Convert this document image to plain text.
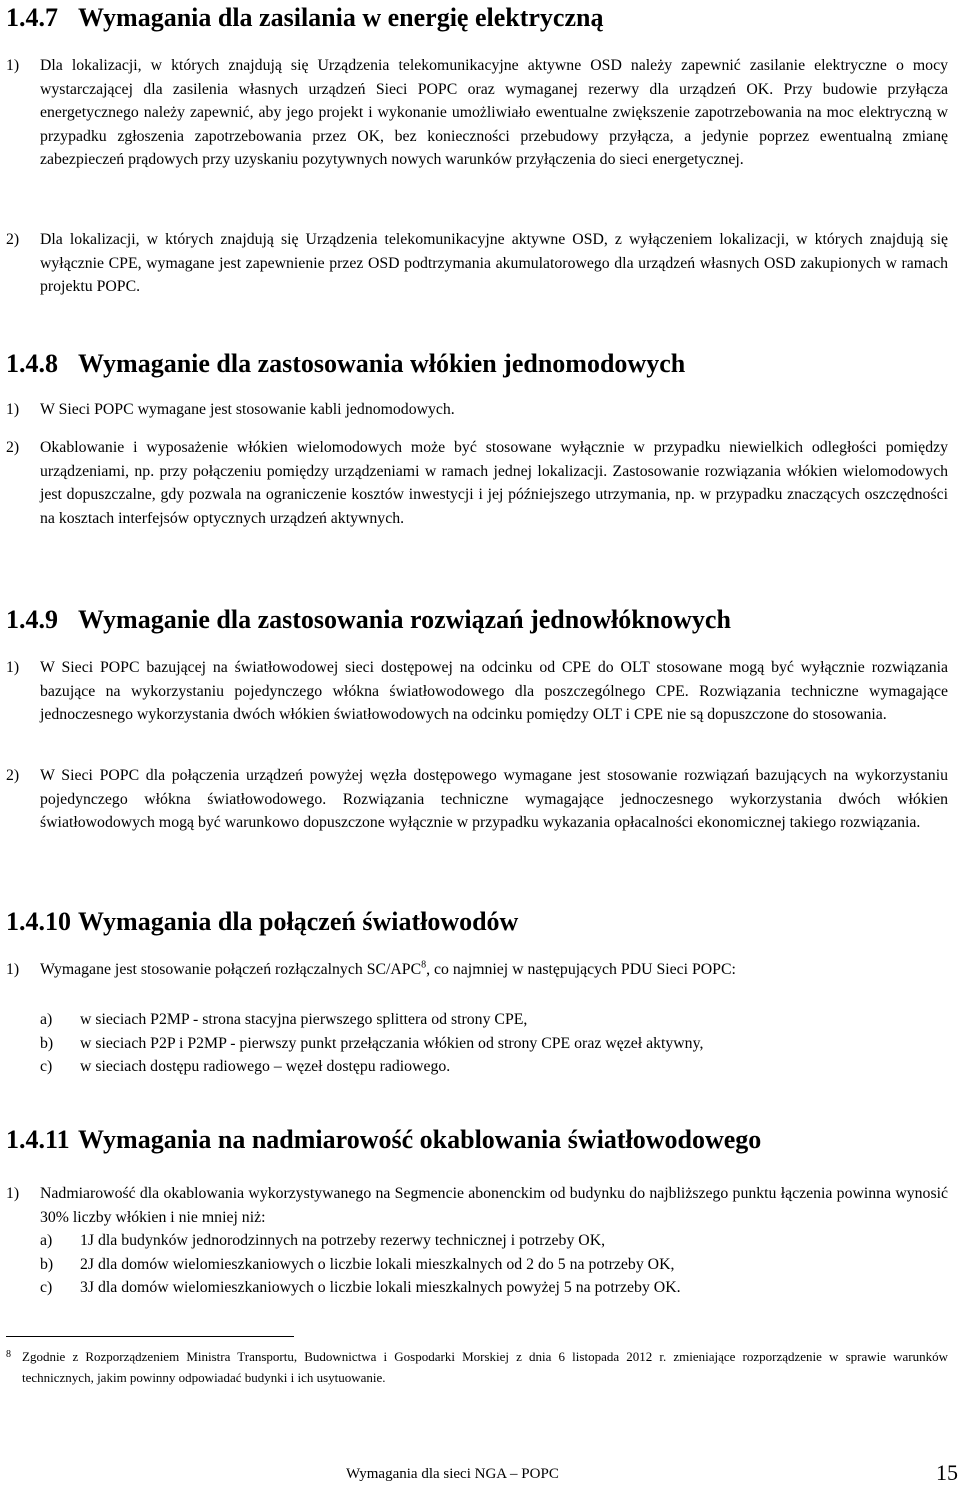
1.4.7 Wymagania dla zasilania w energię elektryczną
1) Dla lokalizacji, w których znajdują się Urządzenia telekomunikacyjne aktywne OSD należy zapewnić zasilanie elektryczne o mocy wystarczającej dla zasilenia własnych urządzeń Sieci POPC oraz wymaganej rezerwy dla urządzeń OK. Przy budowie przyłącza energetycznego należy zapewnić, aby jego projekt i wykonanie umożliwiało ewentualne zwiększenie zapotrzebowania na moc elektryczną w przypadku zgłoszenia zapotrzebowania przez OK, bez konieczności przebudowy przyłącza, a jedynie poprzez ewentualną zmianę zabezpieczeń prądowych przy uzyskaniu pozytywnych nowych warunków przyłączenia do sieci energetycznej.
2) Dla lokalizacji, w których znajdują się Urządzenia telekomunikacyjne aktywne OSD, z wyłączeniem lokalizacji, w których znajdują się wyłącznie CPE, wymagane jest zapewnienie przez OSD podtrzymania akumulatorowego dla urządzeń własnych OSD zakupionych w ramach projektu POPC.
1.4.8 Wymaganie dla zastosowania włókien jednomodowych
1) W Sieci POPC wymagane jest stosowanie kabli jednomodowych.
2) Okablowanie i wyposażenie włókien wielomodowych może być stosowane wyłącznie w przypadku niewielkich odległości pomiędzy urządzeniami, np. przy połączeniu pomiędzy urządzeniami w ramach jednej lokalizacji. Zastosowanie rozwiązania włókien wielomodowych jest dopuszczalne, gdy pozwala na ograniczenie kosztów inwestycji i jej późniejszego utrzymania, np. w przypadku znaczących oszczędności na kosztach interfejsów optycznych urządzeń aktywnych.
1.4.9 Wymaganie dla zastosowania rozwiązań jednowłóknowych
1) W Sieci POPC bazującej na światłowodowej sieci dostępowej na odcinku od CPE do OLT stosowane mogą być wyłącznie rozwiązania bazujące na wykorzystaniu pojedynczego włókna światłowodowego dla poszczególnego CPE. Rozwiązania techniczne wymagające jednoczesnego wykorzystania dwóch włókien światłowodowych na odcinku pomiędzy OLT i CPE nie są dopuszczone do stosowania.
2) W Sieci POPC dla połączenia urządzeń powyżej węzła dostępowego wymagane jest stosowanie rozwiązań bazujących na wykorzystaniu pojedynczego włókna światłowodowego. Rozwiązania techniczne wymagające jednoczesnego wykorzystania dwóch włókien światłowodowych mogą być warunkowo dopuszczone wyłącznie w przypadku wykazania opłacalności ekonomicznej takiego rozwiązania.
1.4.10 Wymagania dla połączeń światłowodów
1) Wymagane jest stosowanie połączeń rozłączalnych SC/APC$^8$, co najmniej w następujących PDU Sieci POPC:
a) w sieciach P2MP - strona stacyjna pierwszego splittera od strony CPE,
b) w sieciach P2P i P2MP - pierwszy punkt przełączania włókien od strony CPE oraz węzeł aktywny,
c) w sieciach dostępu radiowego – węzeł dostępu radiowego.
1.4.11 Wymagania na nadmiarowość okablowania światłowodowego
1) Nadmiarowość dla okablowania wykorzystywanego na Segmencie abonenckim od budynku do najbliższego punktu łączenia powinna wynosić 30% liczby włókien i nie mniej niż:
a) 1J dla budynków jednorodzinnych na potrzeby rezerwy technicznej i potrzeby OK,
b) 2J dla domów wielomieszkaniowych o liczbie lokali mieszkalnych od 2 do 5 na potrzeby OK,
c) 3J dla domów wielomieszkaniowych o liczbie lokali mieszkalnych powyżej 5 na potrzeby OK.
8 Zgodnie z Rozporządzeniem Ministra Transportu, Budownictwa i Gospodarki Morskiej z dnia 6 listopada 2012 r. zmieniające rozporządzenie w sprawie warunków technicznych, jakim powinny odpowiadać budynki i ich usytuowanie.
Wymagania dla sieci NGA – POPC	15
